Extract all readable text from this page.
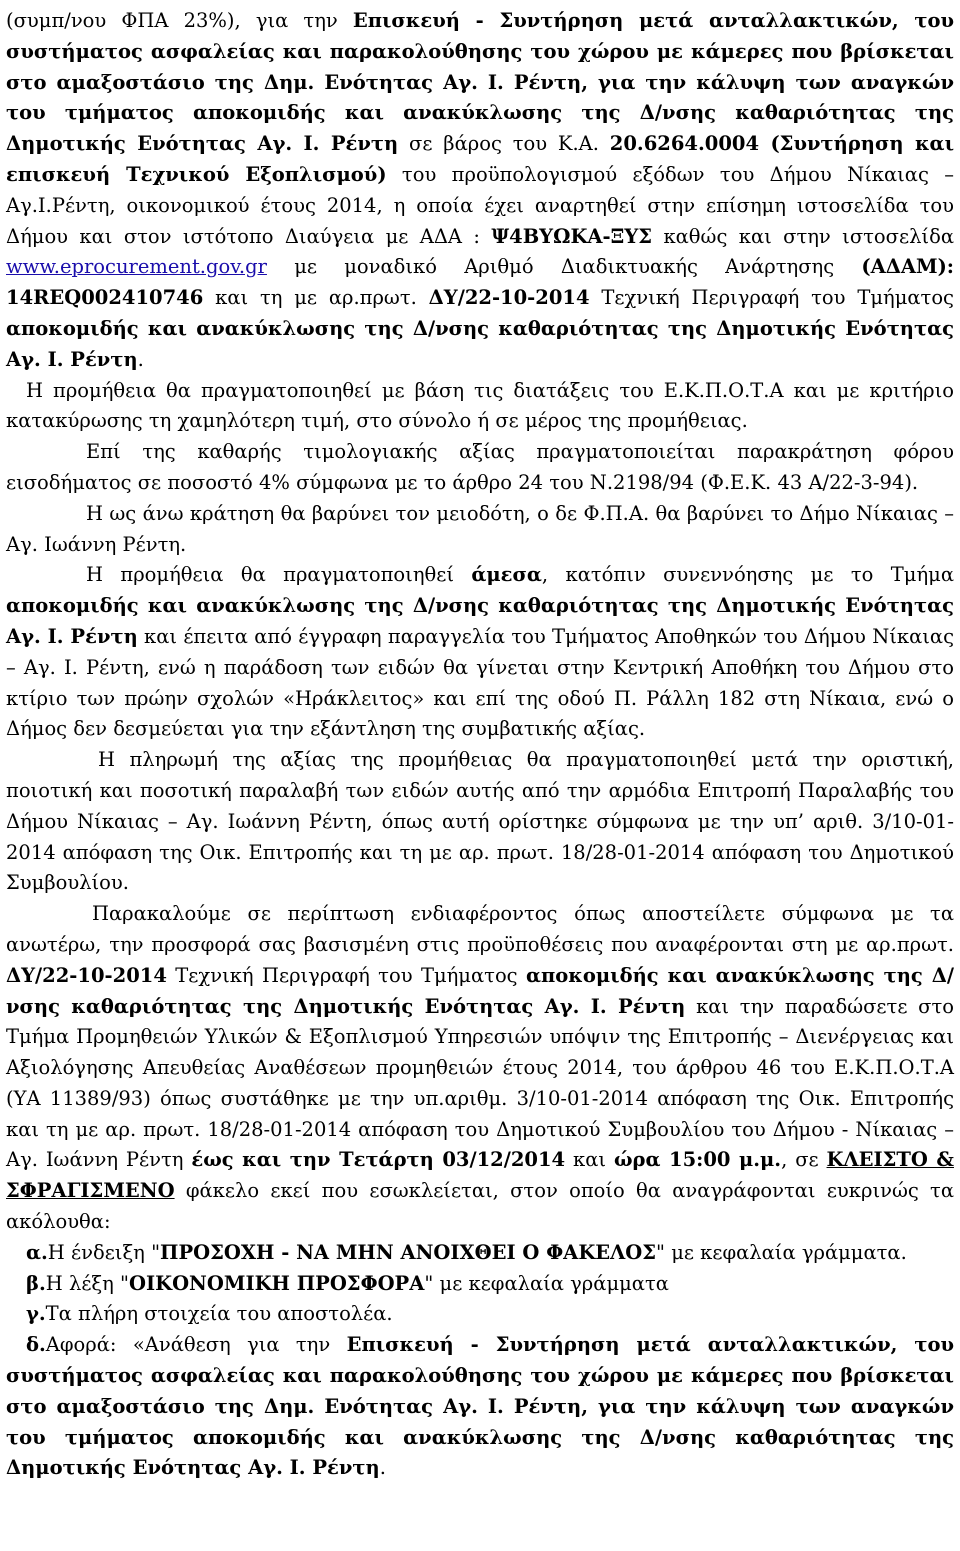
(συμπ/νου ΦΠΑ 23%), για την Επισκευή - Συντήρηση μετά ανταλλακτικών, του συστήματος ασφαλείας και παρακολούθησης του χώρου με κάμερες που βρίσκεται στο αμαξοστάσιο της Δημ. Ενότητας Αγ. Ι. Ρέντη, για την κάλυψη των αναγκών του τμήματος αποκομιδής και ανακύκλωσης της Δ/νσης καθαριότητας της Δημοτικής Ενότητας Αγ. Ι. Ρέντη σε βάρος του Κ.Α. 20.6264.0004 (Συντήρηση και επισκευή Τεχνικού Εξοπλισμού) του προϋπολογισμού εξόδων του Δήμου Νίκαιας – Αγ.Ι.Ρέντη, οικονομικού έτους 2014, η οποία έχει αναρτηθεί στην επίσημη ιστοσελίδα του Δήμου και στον ιστότοπο Διαύγεια με ΑΔΑ : Ψ4ΒΥΩΚΑ-ΞΥΣ καθώς και στην ιστοσελίδα www.eprocurement.gov.gr με μοναδικό Αριθμό Διαδικτυακής Ανάρτησης (ΑΔΑΜ): 14REQ002410746 και τη με αρ.πρωτ. ΔΥ/22-10-2014 Τεχνική Περιγραφή του Τμήματος αποκομιδής και ανακύκλωσης της Δ/νσης καθαριότητας της Δημοτικής Ενότητας Αγ. Ι. Ρέντη.

Η προμήθεια θα πραγματοποιηθεί με βάση τις διατάξεις του Ε.Κ.Π.Ο.Τ.Α και με κριτήριο κατακύρωσης τη χαμηλότερη τιμή, στο σύνολο ή σε μέρος της προμήθειας.

Επί της καθαρής τιμολογιακής αξίας πραγματοποιείται παρακράτηση φόρου εισοδήματος σε ποσοστό 4% σύμφωνα με το άρθρο 24 του Ν.2198/94 (Φ.Ε.Κ. 43 Α/22-3-94).

Η ως άνω κράτηση θα βαρύνει τον μειοδότη, ο δε Φ.Π.Α. θα βαρύνει το Δήμο Νίκαιας – Αγ. Ιωάννη Ρέντη.

Η προμήθεια θα πραγματοποιηθεί άμεσα, κατόπιν συνεννόησης με το Τμήμα αποκομιδής και ανακύκλωσης της Δ/νσης καθαριότητας της Δημοτικής Ενότητας Αγ. Ι. Ρέντη και έπειτα από έγγραφη παραγγελία του Τμήματος Αποθηκών του Δήμου Νίκαιας – Αγ. Ι. Ρέντη, ενώ η παράδοση των ειδών θα γίνεται στην Κεντρική Αποθήκη του Δήμου στο κτίριο των πρώην σχολών «Ηράκλειτος» και επί της οδού Π. Ράλλη 182 στη Νίκαια, ενώ ο Δήμος δεν δεσμεύεται για την εξάντληση της συμβατικής αξίας.

Η πληρωμή της αξίας της προμήθειας θα πραγματοποιηθεί μετά την οριστική, ποιοτική και ποσοτική παραλαβή των ειδών αυτής από την αρμόδια Επιτροπή Παραλαβής του Δήμου Νίκαιας – Αγ. Ιωάννη Ρέντη, όπως αυτή ορίστηκε σύμφωνα με την υπ’ αριθ. 3/10-01-2014 απόφαση της Οικ. Επιτροπής και τη με αρ. πρωτ. 18/28-01-2014 απόφαση του Δημοτικού Συμβουλίου.

Παρακαλούμε σε περίπτωση ενδιαφέροντος όπως αποστείλετε σύμφωνα με τα ανωτέρω, την προσφορά σας βασισμένη στις προϋποθέσεις που αναφέρονται στη με αρ.πρωτ. ΔΥ/22-10-2014 Τεχνική Περιγραφή του Τμήματος αποκομιδής και ανακύκλωσης της Δ/νσης καθαριότητας της Δημοτικής Ενότητας Αγ. Ι. Ρέντη και την παραδώσετε στο Τμήμα Προμηθειών Υλικών & Εξοπλισμού Υπηρεσιών υπόψιν της Επιτροπής – Διενέργειας και Αξιολόγησης Απευθείας Αναθέσεων προμηθειών έτους 2014, του άρθρου 46 του Ε.Κ.Π.Ο.Τ.Α (ΥΑ 11389/93) όπως συστάθηκε με την υπ.αριθμ. 3/10-01-2014 απόφαση της Οικ. Επιτροπής και τη με αρ. πρωτ. 18/28-01-2014 απόφαση του Δημοτικού Συμβουλίου του Δήμου - Νίκαιας – Αγ. Ιωάννη Ρέντη έως και την Τετάρτη 03/12/2014 και ώρα 15:00 μ.μ., σε ΚΛΕΙΣΤΟ & ΣΦΡΑΓΙΣΜΕΝΟ φάκελο εκεί που εσωκλείεται, στον οποίο θα αναγράφονται ευκρινώς τα ακόλουθα:

α.Η ένδειξη "ΠΡΟΣΟΧΗ - ΝΑ ΜΗΝ ΑΝΟΙΧΘΕΙ Ο ΦΑΚΕΛΟΣ" με κεφαλαία γράμματα.

β.Η λέξη "ΟΙΚΟΝΟΜΙΚΗ ΠΡΟΣΦΟΡΑ" με κεφαλαία γράμματα

γ.Τα πλήρη στοιχεία του αποστολέα.

δ.Αφορά: «Ανάθεση για την Επισκευή - Συντήρηση μετά ανταλλακτικών, του συστήματος ασφαλείας και παρακολούθησης του χώρου με κάμερες που βρίσκεται στο αμαξοστάσιο της Δημ. Ενότητας Αγ. Ι. Ρέντη, για την κάλυψη των αναγκών του τμήματος αποκομιδής και ανακύκλωσης της Δ/νσης καθαριότητας της Δημοτικής Ενότητας Αγ. Ι. Ρέντη.
